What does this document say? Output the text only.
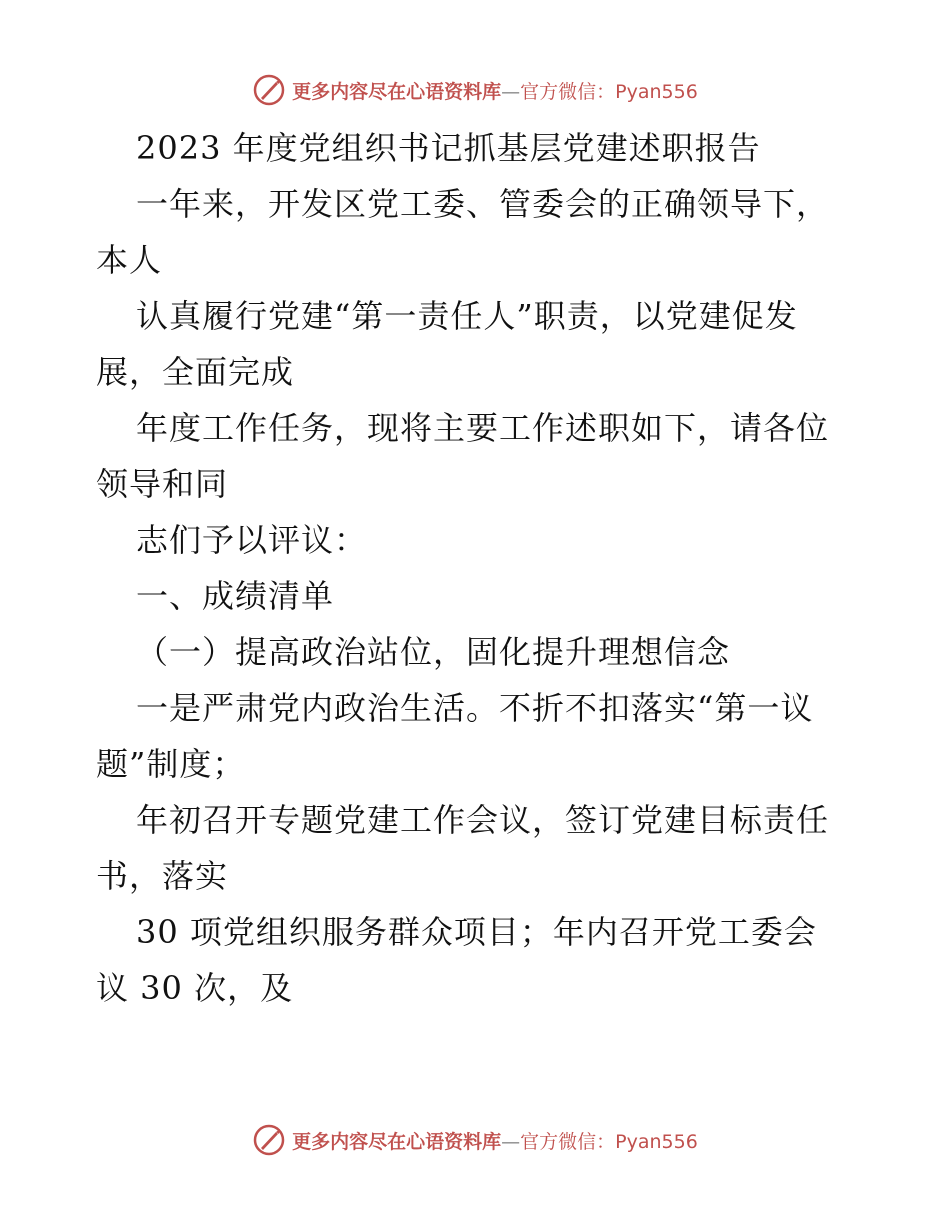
更多内容尽在心语资料库—官方微信：Pyan556
2023 年度党组织书记抓基层党建述职报告
一年来，开发区党工委、管委会的正确领导下，
本人
认真履行党建“第一责任人”职责，以党建促发
展，全面完成
年度工作任务，现将主要工作述职如下，请各位
领导和同
志们予以评议：
一、成绩清单
（一）提高政治站位，固化提升理想信念
一是严肃党内政治生活。不折不扣落实“第一议
题”制度；
年初召开专题党建工作会议，签订党建目标责任
书，落实
30 项党组织服务群众项目；年内召开党工委会
议 30 次，及
更多内容尽在心语资料库—官方微信：Pyan556
